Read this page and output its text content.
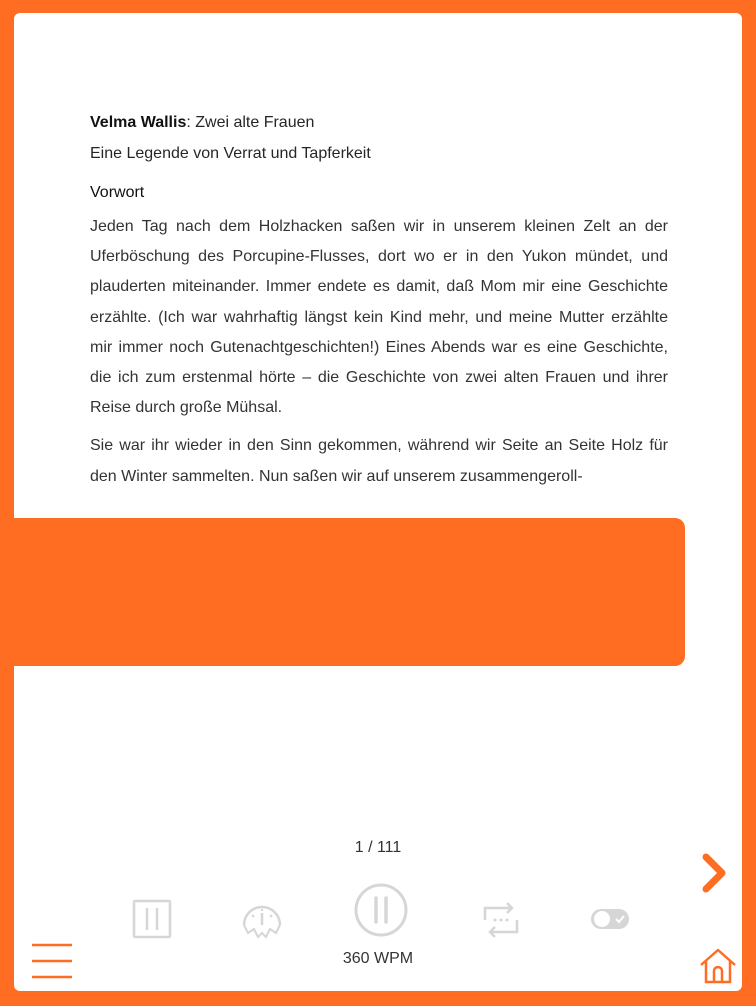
Velma Wallis: Zwei alte Frauen

Eine Legende von Verrat und Tapferkeit

Vorwort

Jeden Tag nach dem Holzhacken saßen wir in unserem kleinen Zelt an der Uferböschung des Porcupine-Flusses, dort wo er in den Yukon mündet, und plauderten miteinander. Immer endete es damit, daß Mom mir eine Geschichte erzählte. (Ich war wahrhaftig längst kein Kind mehr, und meine Mutter erzählte mir immer noch Gutenachtgeschichten!) Eines Abends war es eine Geschichte, die ich zum erstenmal hörte – die Geschichte von zwei alten Frauen und ihrer Reise durch große Mühsal.

Sie war ihr wieder in den Sinn gekommen, während wir Seite an Seite Holz für den Winter sammelten. Nun saßen wir auf unserem zusammengeroll-

1 / 111
360 WPM
